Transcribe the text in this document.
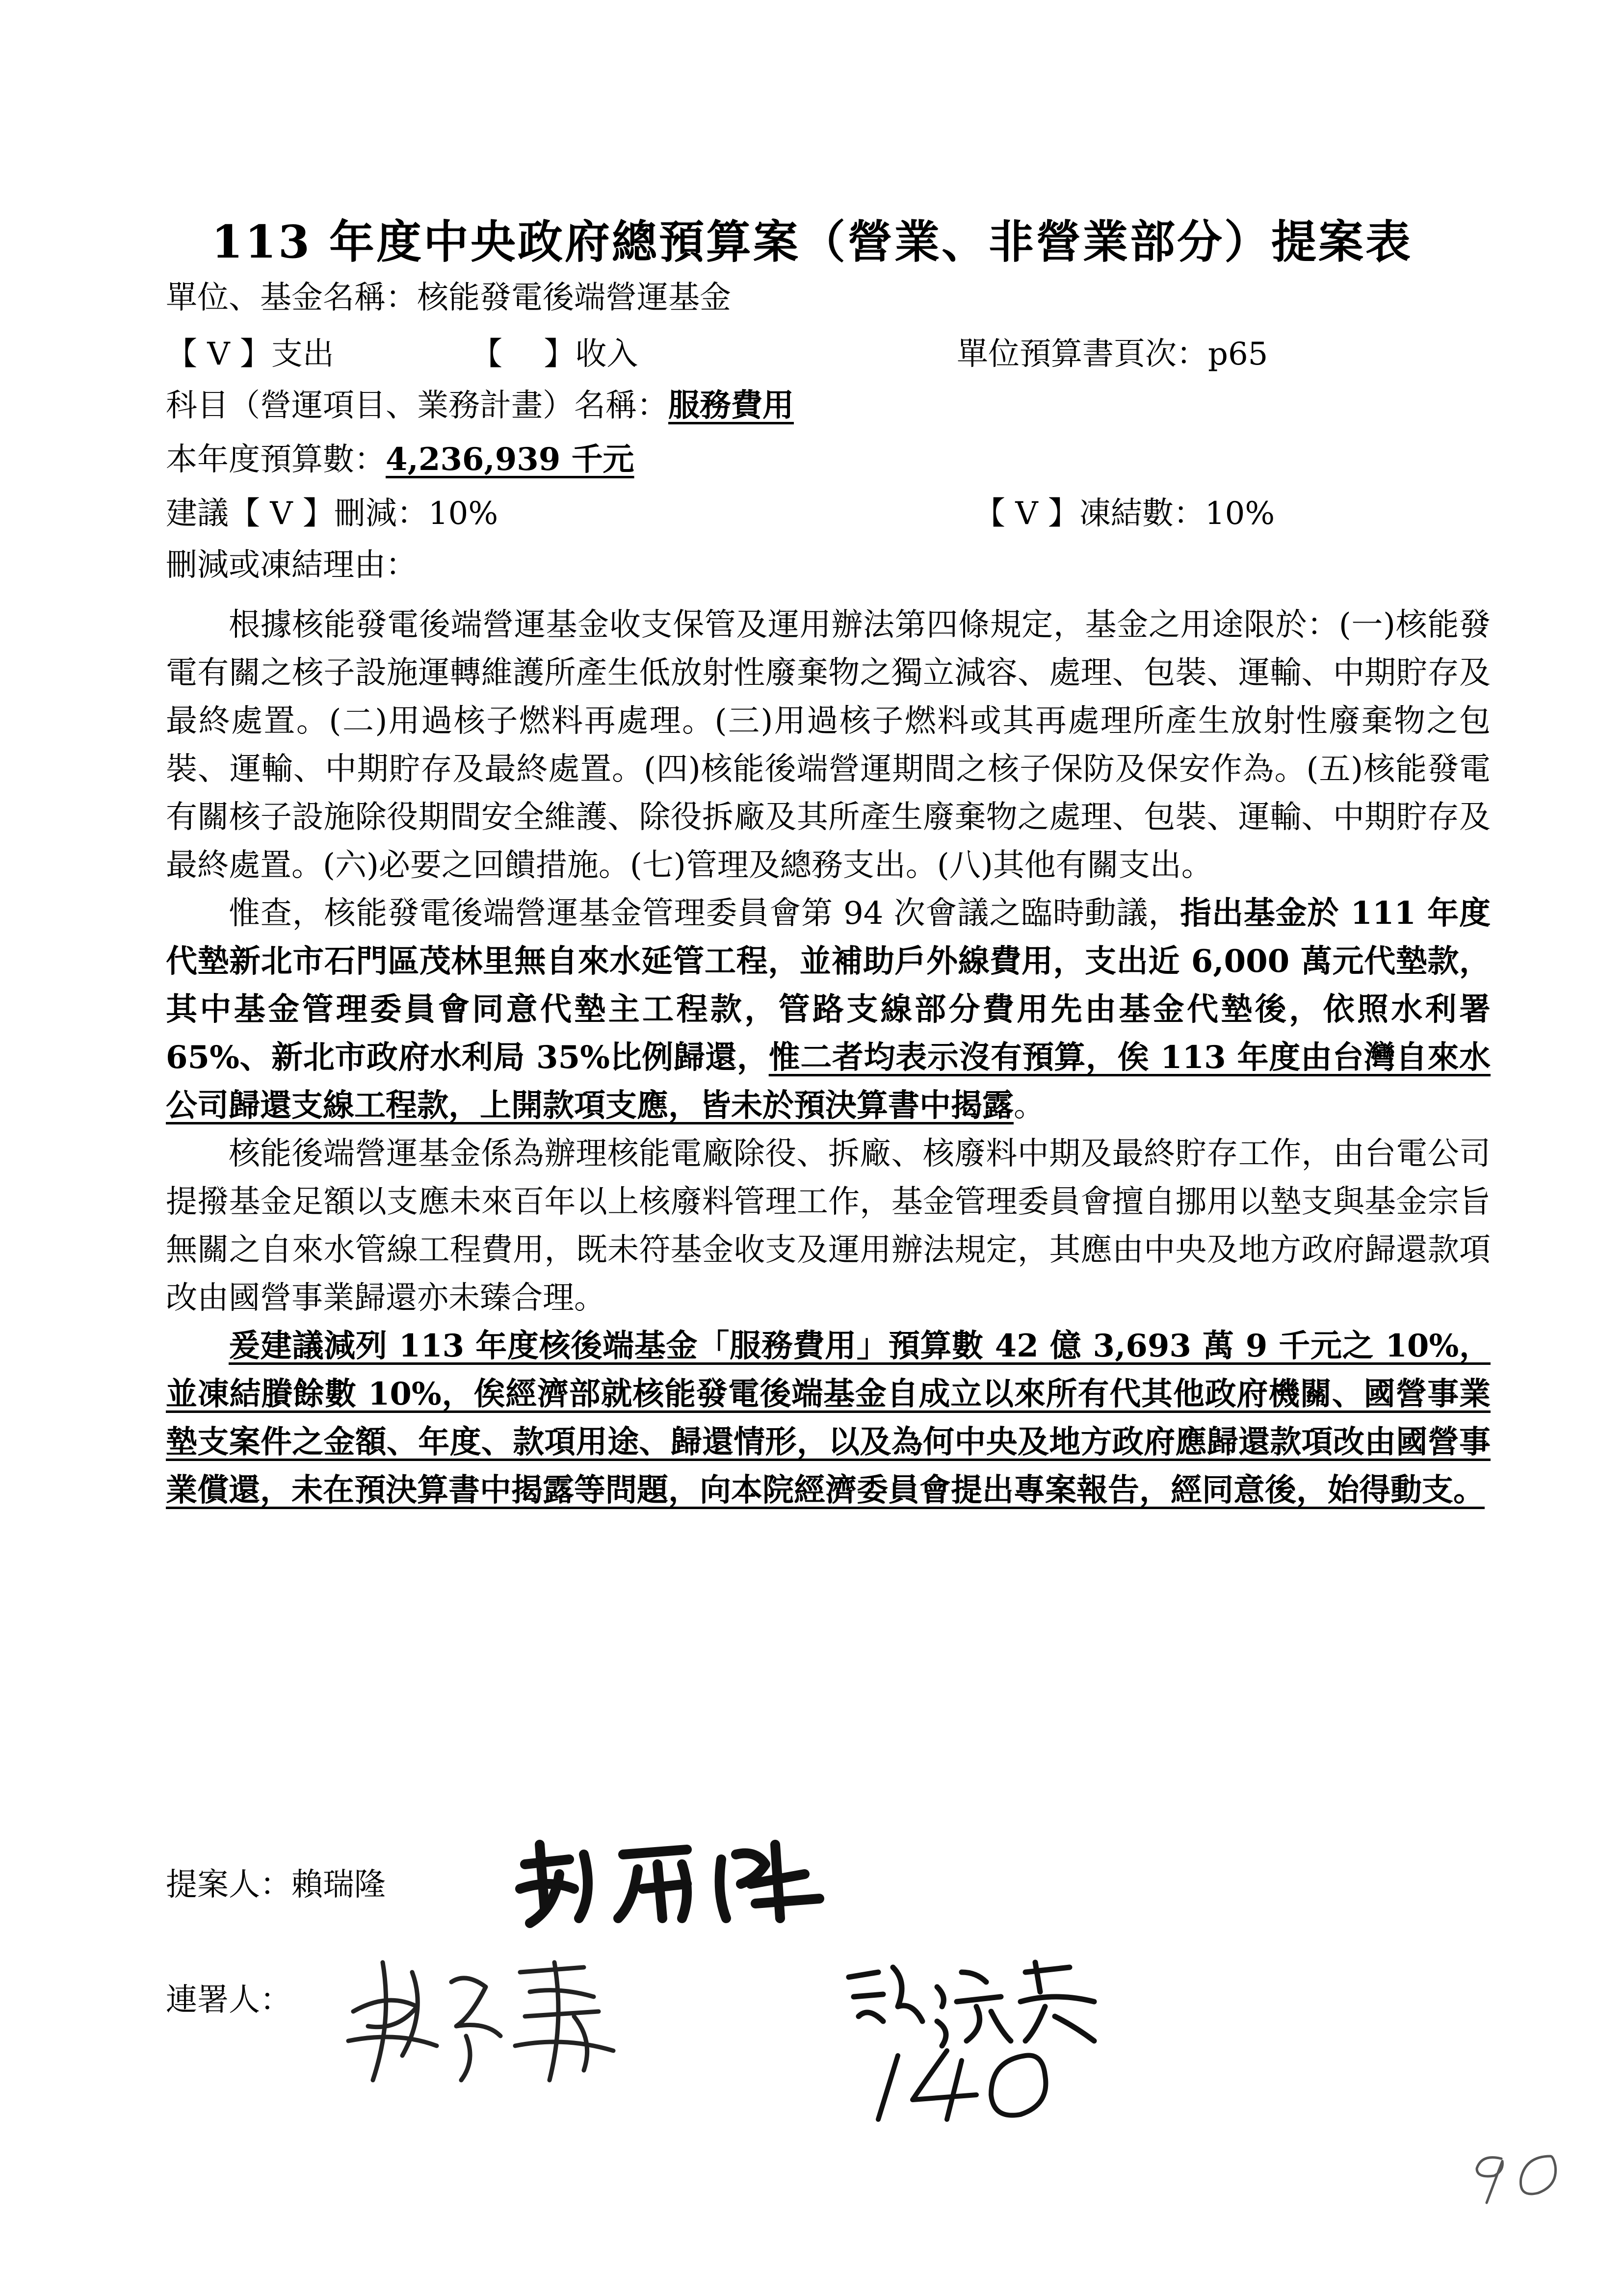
113 年度中央政府總預算案（營業、非營業部分）提案表
單位、基金名稱：核能發電後端營運基金
【 V 】支出	【　 】收入	單位預算書頁次：p65
科目（營運項目、業務計畫）名稱：服務費用
本年度預算數：4,236,939 千元
建議【 V 】刪減：10%	【 V 】凍結數：10%
刪減或凍結理由：

根據核能發電後端營運基金收支保管及運用辦法第四條規定，基金之用途限於：(一)核能發電有關之核子設施運轉維護所產生低放射性廢棄物之獨立減容、處理、包裝、運輸、中期貯存及最終處置。(二)用過核子燃料再處理。(三)用過核子燃料或其再處理所產生放射性廢棄物之包裝、運輸、中期貯存及最終處置。(四)核能後端營運期間之核子保防及保安作為。(五)核能發電有關核子設施除役期間安全維護、除役拆廠及其所產生廢棄物之處理、包裝、運輸、中期貯存及最終處置。(六)必要之回饋措施。(七)管理及總務支出。(八)其他有關支出。

惟查，核能發電後端營運基金管理委員會第 94 次會議之臨時動議，指出基金於 111 年度代墊新北市石門區茂林里無自來水延管工程，並補助戶外線費用，支出近 6,000 萬元代墊款，其中基金管理委員會同意代墊主工程款，管路支線部分費用先由基金代墊後，依照水利署 65%、新北市政府水利局 35%比例歸還，惟二者均表示沒有預算，俟 113 年度由台灣自來水公司歸還支線工程款，上開款項支應，皆未於預決算書中揭露。

核能後端營運基金係為辦理核能電廠除役、拆廠、核廢料中期及最終貯存工作，由台電公司提撥基金足額以支應未來百年以上核廢料管理工作，基金管理委員會擅自挪用以墊支與基金宗旨無關之自來水管線工程費用，既未符基金收支及運用辦法規定，其應由中央及地方政府歸還款項改由國營事業歸還亦未臻合理。

爰建議減列 113 年度核後端基金「服務費用」預算數 42 億 3,693 萬 9 千元之 10%，並凍結賸餘數 10%，俟經濟部就核能發電後端基金自成立以來所有代其他政府機關、國營事業墊支案件之金額、年度、款項用途、歸還情形，以及為何中央及地方政府應歸還款項改由國營事業償還，未在預決算書中揭露等問題，向本院經濟委員會提出專案報告，經同意後，始得動支。

提案人：賴瑞隆
連署人：
